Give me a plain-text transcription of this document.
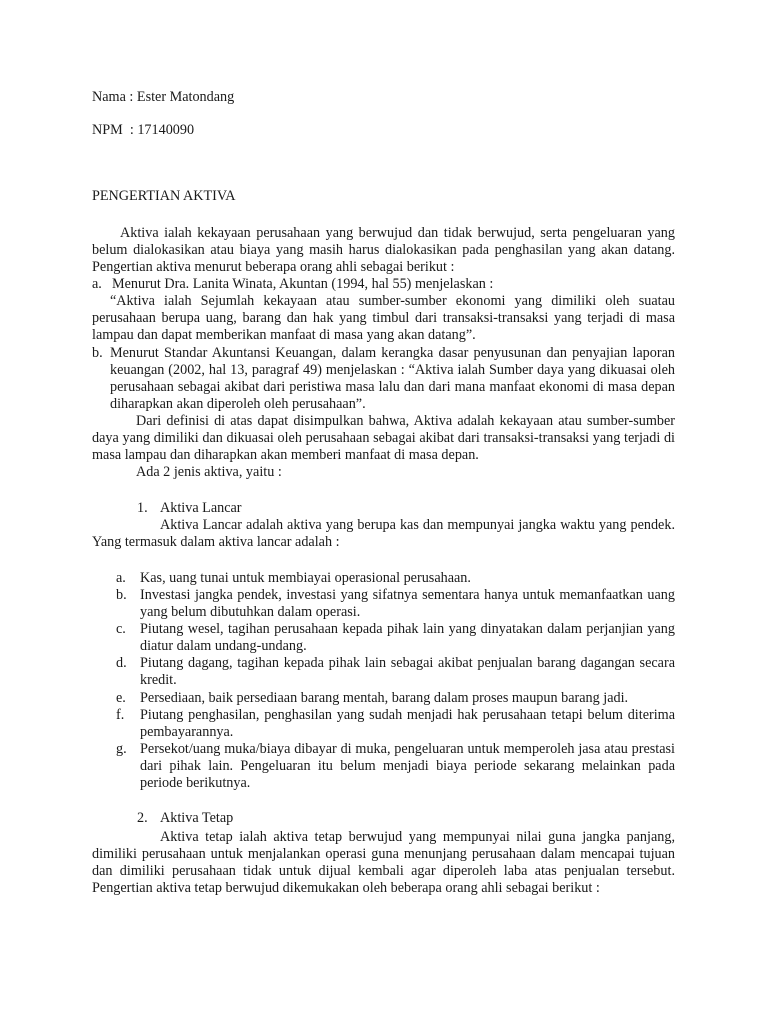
Nama : Ester Matondang

NPM  : 17140090

PENGERTIAN AKTIVA

Aktiva ialah kekayaan perusahaan yang berwujud dan tidak berwujud, serta pengeluaran yang belum dialokasikan atau biaya yang masih harus dialokasikan pada penghasilan yang akan datang. Pengertian aktiva menurut beberapa orang ahli sebagai berikut :

a. Menurut Dra. Lanita Winata, Akuntan (1994, hal 55) menjelaskan :

“Aktiva ialah Sejumlah kekayaan atau sumber-sumber ekonomi yang dimiliki oleh suatau perusahaan berupa uang, barang dan hak yang timbul dari transaksi-transaksi yang terjadi di masa lampau dan dapat memberikan manfaat di masa yang akan datang”.

b. Menurut Standar Akuntansi Keuangan, dalam kerangka dasar penyusunan dan penyajian laporan keuangan (2002, hal 13, paragraf 49) menjelaskan : “Aktiva ialah Sumber daya yang dikuasai oleh perusahaan sebagai akibat dari peristiwa masa lalu dan dari mana manfaat ekonomi di masa depan diharapkan akan diperoleh oleh perusahaan”.

Dari definisi di atas dapat disimpulkan bahwa, Aktiva adalah kekayaan atau sumber-sumber daya yang dimiliki dan dikuasai oleh perusahaan sebagai akibat dari transaksi-transaksi yang terjadi di masa lampau dan diharapkan akan memberi manfaat di masa depan.

Ada 2 jenis aktiva, yaitu :

1. Aktiva Lancar

Aktiva Lancar adalah aktiva yang berupa kas dan mempunyai jangka waktu yang pendek. Yang termasuk dalam aktiva lancar adalah :

a. Kas, uang tunai untuk membiayai operasional perusahaan.
b. Investasi jangka pendek, investasi yang sifatnya sementara hanya untuk memanfaatkan uang yang belum dibutuhkan dalam operasi.
c. Piutang wesel, tagihan perusahaan kepada pihak lain yang dinyatakan dalam perjanjian yang diatur dalam undang-undang.
d. Piutang dagang, tagihan kepada pihak lain sebagai akibat penjualan barang dagangan secara kredit.
e. Persediaan, baik persediaan barang mentah, barang dalam proses maupun barang jadi.
f. Piutang penghasilan, penghasilan yang sudah menjadi hak perusahaan tetapi belum diterima pembayarannya.
g. Persekot/uang muka/biaya dibayar di muka, pengeluaran untuk memperoleh jasa atau prestasi dari pihak lain. Pengeluaran itu belum menjadi biaya periode sekarang melainkan pada periode berikutnya.
2. Aktiva Tetap

Aktiva tetap ialah aktiva tetap berwujud yang mempunyai nilai guna jangka panjang, dimiliki perusahaan untuk menjalankan operasi guna menunjang perusahaan dalam mencapai tujuan dan dimiliki perusahaan tidak untuk dijual kembali agar diperoleh laba atas penjualan tersebut. Pengertian aktiva tetap berwujud dikemukakan oleh beberapa orang ahli sebagai berikut :
